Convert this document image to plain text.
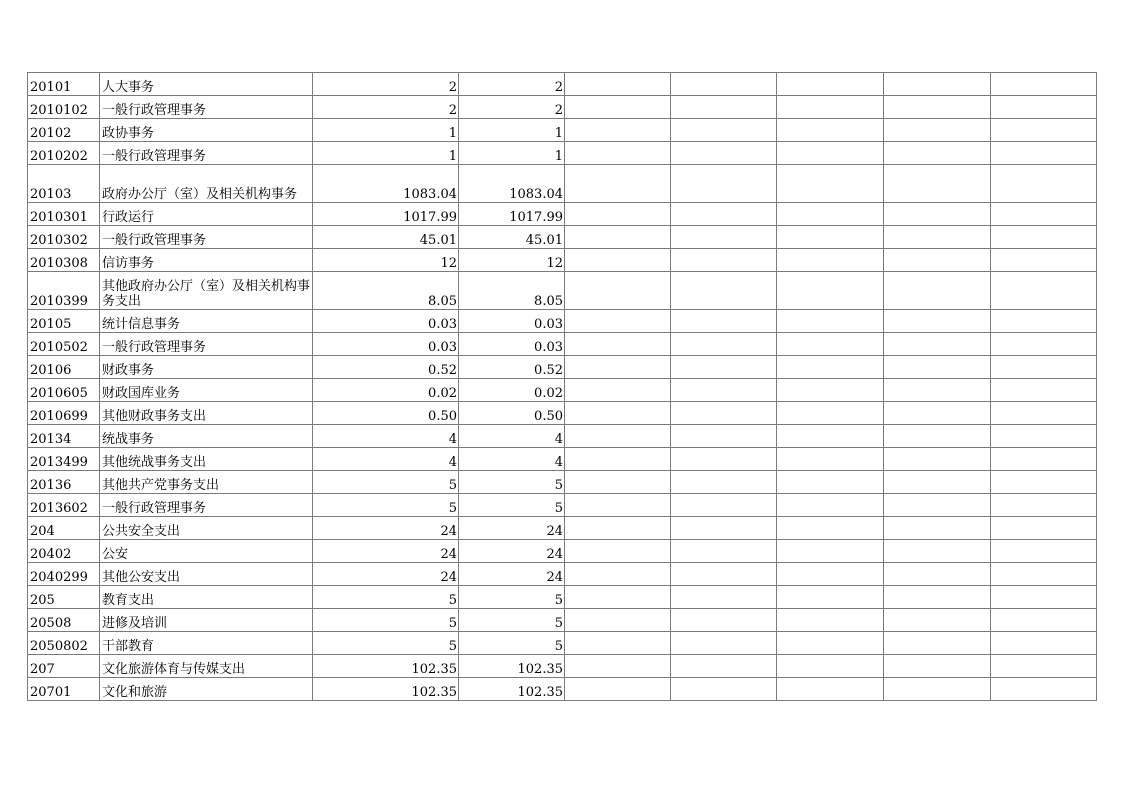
20101	人大事务	2	2					
2010102	一般行政管理事务	2	2					
20102	政协事务	1	1					
2010202	一般行政管理事务	1	1					
20103	政府办公厅（室）及相关机构事务	1083.04	1083.04					
2010301	行政运行	1017.99	1017.99					
2010302	一般行政管理事务	45.01	45.01					
2010308	信访事务	12	12					
2010399	其他政府办公厅（室）及相关机构事务支出	8.05	8.05					
20105	统计信息事务	0.03	0.03					
2010502	一般行政管理事务	0.03	0.03					
20106	财政事务	0.52	0.52					
2010605	财政国库业务	0.02	0.02					
2010699	其他财政事务支出	0.50	0.50					
20134	统战事务	4	4					
2013499	其他统战事务支出	4	4					
20136	其他共产党事务支出	5	5					
2013602	一般行政管理事务	5	5					
204	公共安全支出	24	24					
20402	公安	24	24					
2040299	其他公安支出	24	24					
205	教育支出	5	5					
20508	进修及培训	5	5					
2050802	干部教育	5	5					
207	文化旅游体育与传媒支出	102.35	102.35					
20701	文化和旅游	102.35	102.35					
